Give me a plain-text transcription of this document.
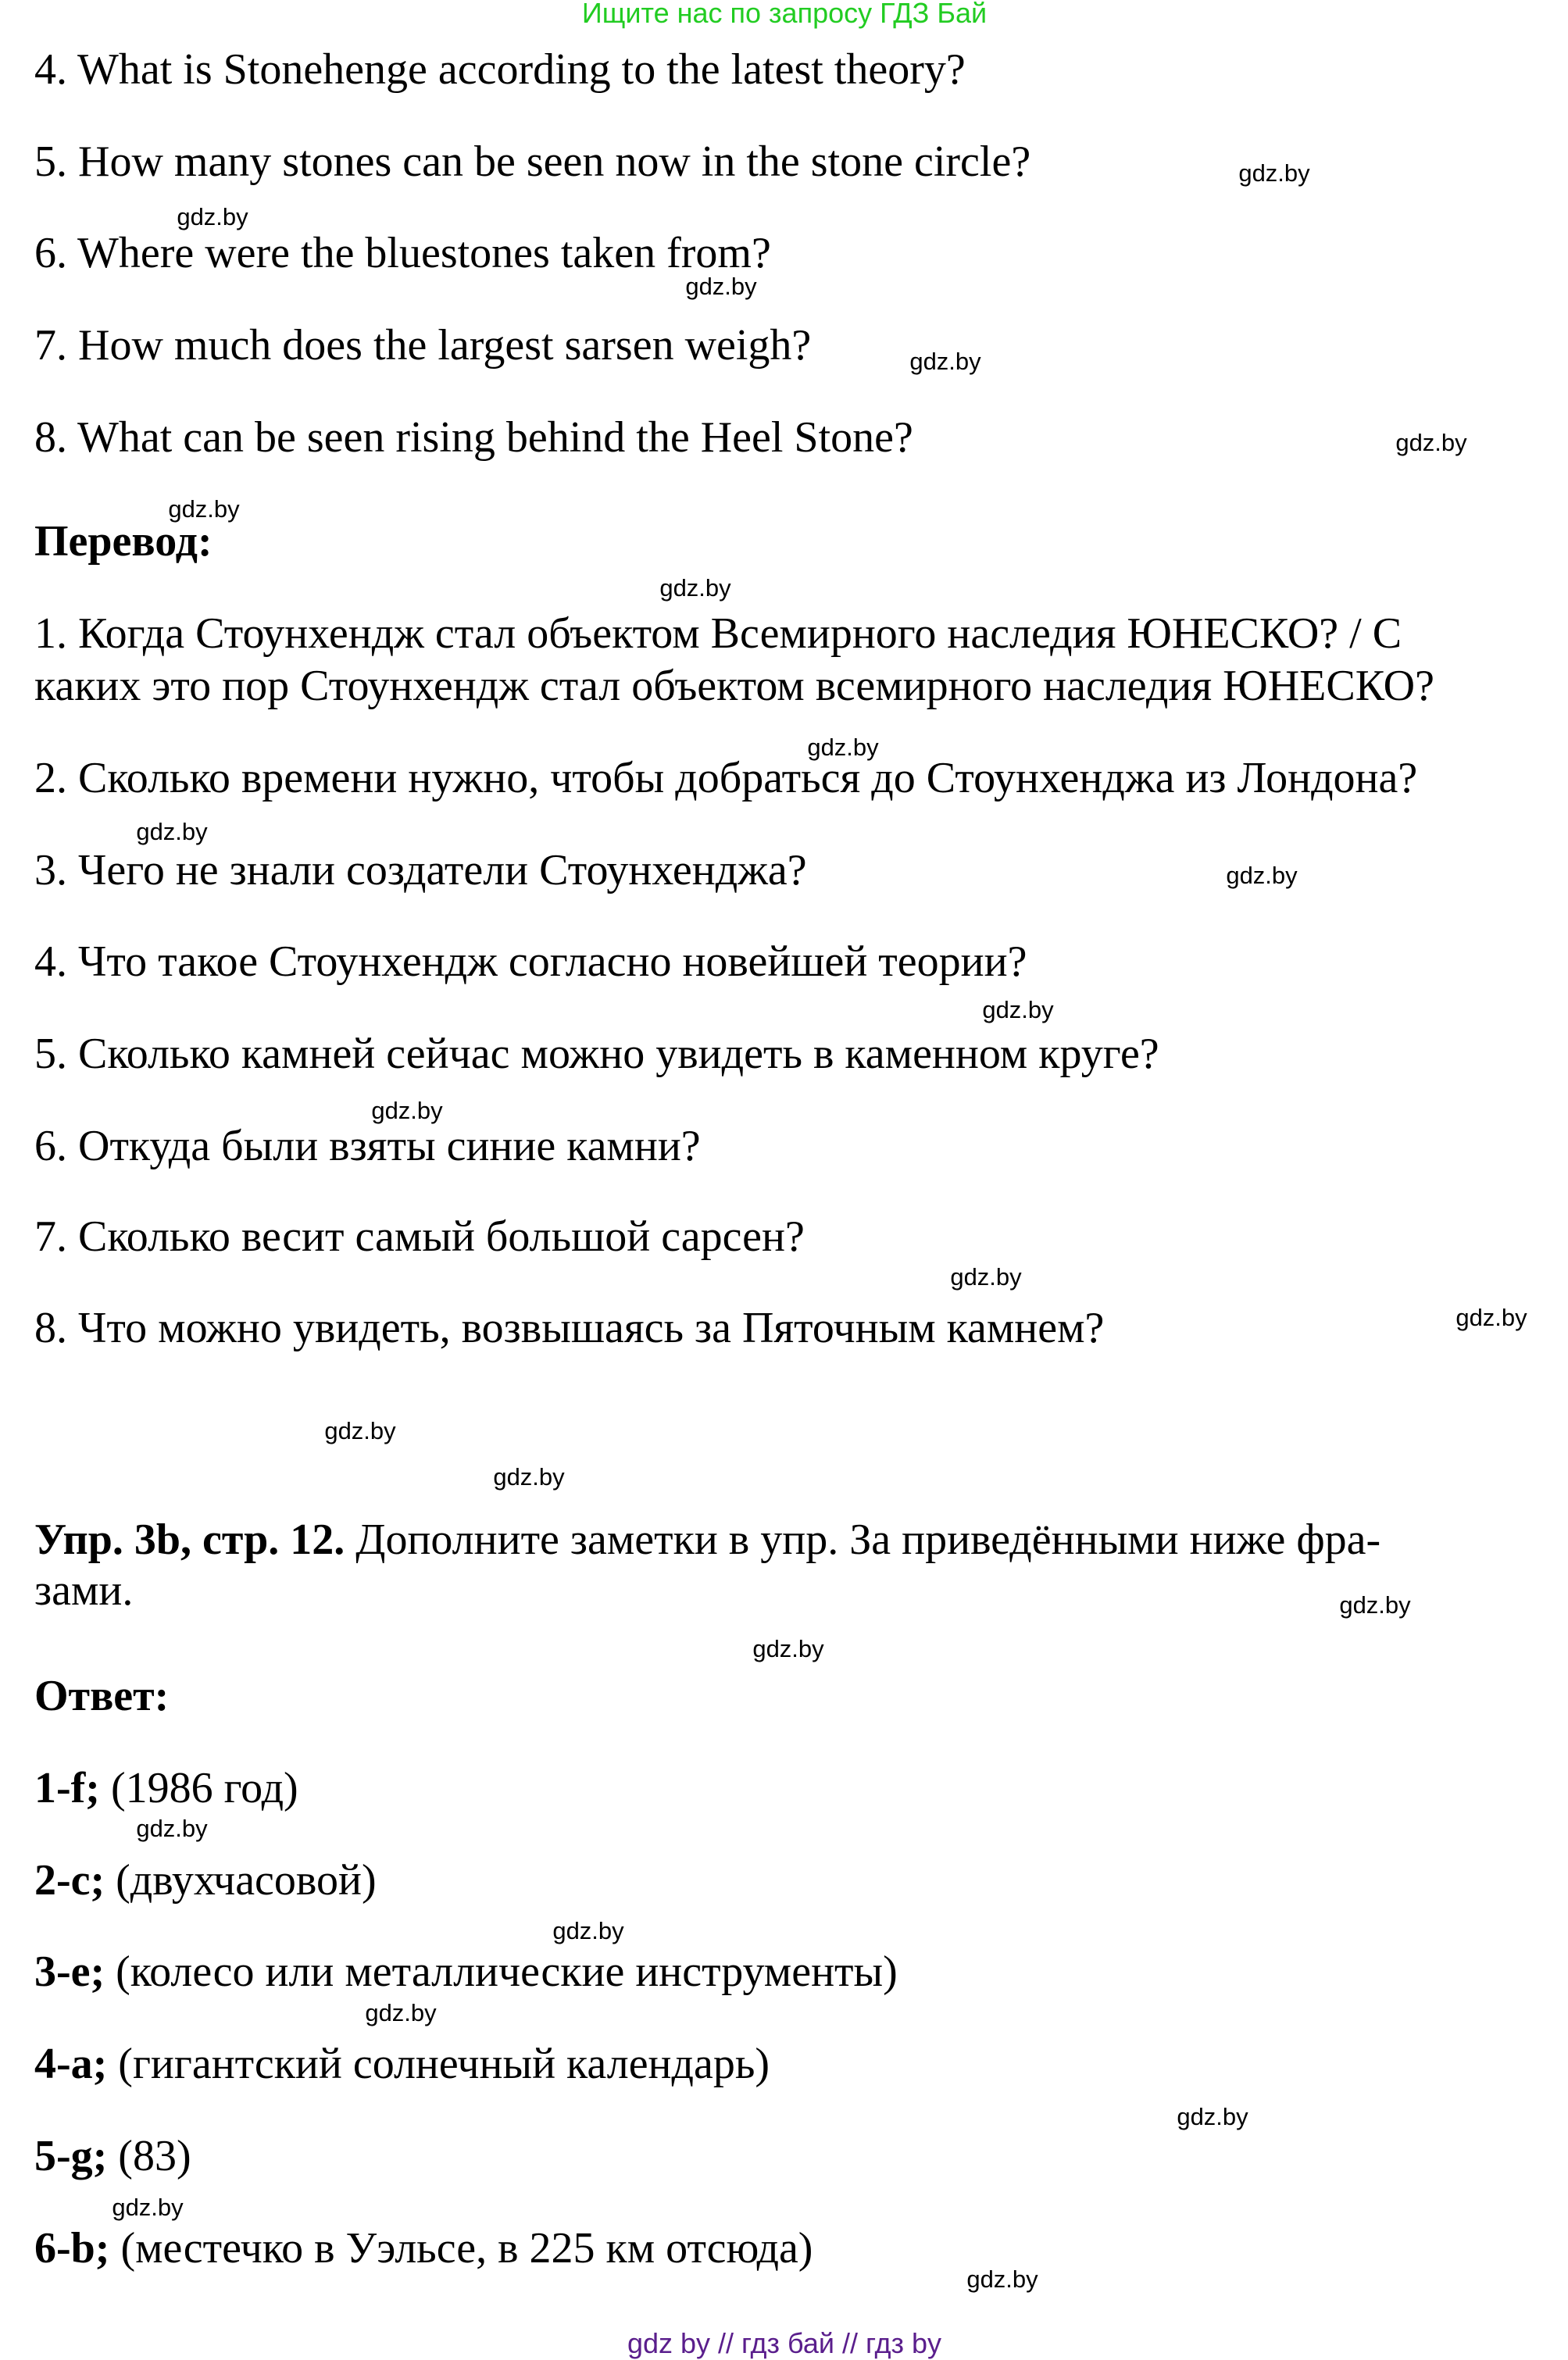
Ищите нас по запросу ГДЗ Бай
4. What is Stonehenge according to the latest theory?
5. How many stones can be seen now in the stone circle?
6. Where were the bluestones taken from?
7. How much does the largest sarsen weigh?
8. What can be seen rising behind the Heel Stone?
Перевод:
1. Когда Стоунхендж стал объектом Всемирного наследия ЮНЕСКО? / С
каких это пор Стоунхендж стал объектом всемирного наследия ЮНЕСКО?
2. Сколько времени нужно, чтобы добраться до Стоунхенджа из Лондона?
3. Чего не знали создатели Стоунхенджа?
4. Что такое Стоунхендж согласно новейшей теории?
5. Сколько камней сейчас можно увидеть в каменном круге?
6. Откуда были взяты синие камни?
7. Сколько весит самый большой сарсен?
8. Что можно увидеть, возвышаясь за Пяточным камнем?
Упр. 3b, стр. 12. Дополните заметки в упр. За приведёнными ниже фра-
зами.
Ответ:
1-f; (1986 год)
2-c; (двухчасовой)
3-e; (колесо или металлические инструменты)
4-a; (гигантский солнечный календарь)
5-g; (83)
6-b; (местечко в Уэльсе, в 225 км отсюда)
gdz.by
gdz.by
gdz.by
gdz.by
gdz.by
gdz.by
gdz.by
gdz.by
gdz.by
gdz.by
gdz.by
gdz.by
gdz.by
gdz.by
gdz.by
gdz.by
gdz.by
gdz.by
gdz.by
gdz.by
gdz.by
gdz.by
gdz.by
gdz.by
gdz by // гдз бай // гдз by
